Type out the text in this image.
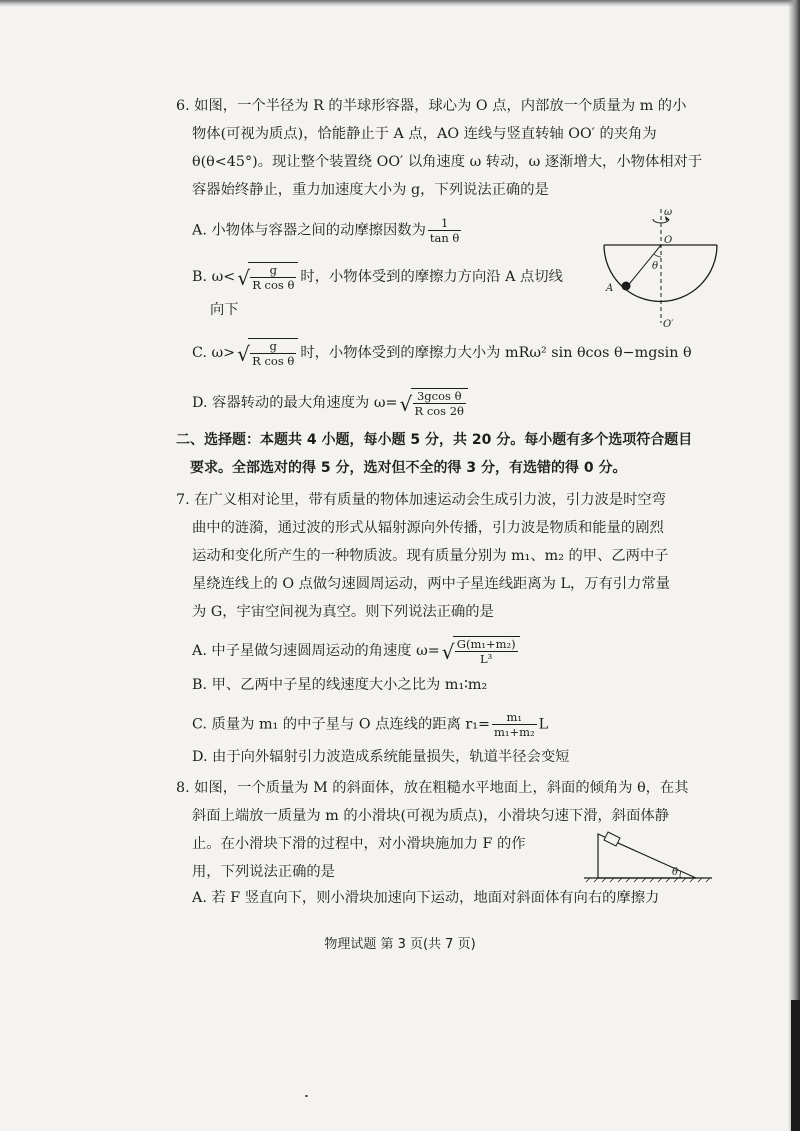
6. 如图，一个半径为 R 的半球形容器，球心为 O 点，内部放一个质量为 m 的小
物体(可视为质点)，恰能静止于 A 点，AO 连线与竖直转轴 OO′ 的夹角为
θ(θ<45°)。现让整个装置绕 OO′ 以角速度 ω 转动，ω 逐渐增大，小物体相对于
容器始终静止，重力加速度大小为 g，下列说法正确的是
A. 小物体与容器之间的动摩擦因数为 $\frac{1}{\text{tan θ}}$
B. ω< √ $\frac{g}{\text{R cos θ}}$ 时，小物体受到的摩擦力方向沿 A 点切线
向下
C. ω> √ $\frac{g}{\text{R cos θ}}$ 时，小物体受到的摩擦力大小为 mRω² sin θcos θ−mgsin θ
D. 容器转动的最大角速度为 ω= √ $\frac{\text{3gcos θ}}{\text{R cos 2θ}}$
ω
O
θ
A
O′
二、选择题：本题共 4 小题，每小题 5 分，共 20 分。每小题有多个选项符合题目
要求。全部选对的得 5 分，选对但不全的得 3 分，有选错的得 0 分。
7. 在广义相对论里，带有质量的物体加速运动会生成引力波，引力波是时空弯
曲中的涟漪，通过波的形式从辐射源向外传播，引力波是物质和能量的剧烈
运动和变化所产生的一种物质波。现有质量分别为 m₁、m₂ 的甲、乙两中子
星绕连线上的 O 点做匀速圆周运动，两中子星连线距离为 L，万有引力常量
为 G，宇宙空间视为真空。则下列说法正确的是
A. 中子星做匀速圆周运动的角速度 ω= √ $\frac{\text{G(m₁+m₂)}}{\text{L³}}$
B. 甲、乙两中子星的线速度大小之比为 m₁∶m₂
C. 质量为 m₁ 的中子星与 O 点连线的距离 $r_1= \frac{\text{m₁}}{\text{m₁+m₂}}$ L
D. 由于向外辐射引力波造成系统能量损失，轨道半径会变短
8. 如图，一个质量为 M 的斜面体，放在粗糙水平地面上，斜面的倾角为 θ，在其
斜面上端放一质量为 m 的小滑块(可视为质点)，小滑块匀速下滑，斜面体静
止。在小滑块下滑的过程中，对小滑块施加力 F 的作
用，下列说法正确的是
A. 若 F 竖直向下，则小滑块加速向下运动，地面对斜面体有向右的摩擦力
θ
物理试题 第 3 页(共 7 页)
